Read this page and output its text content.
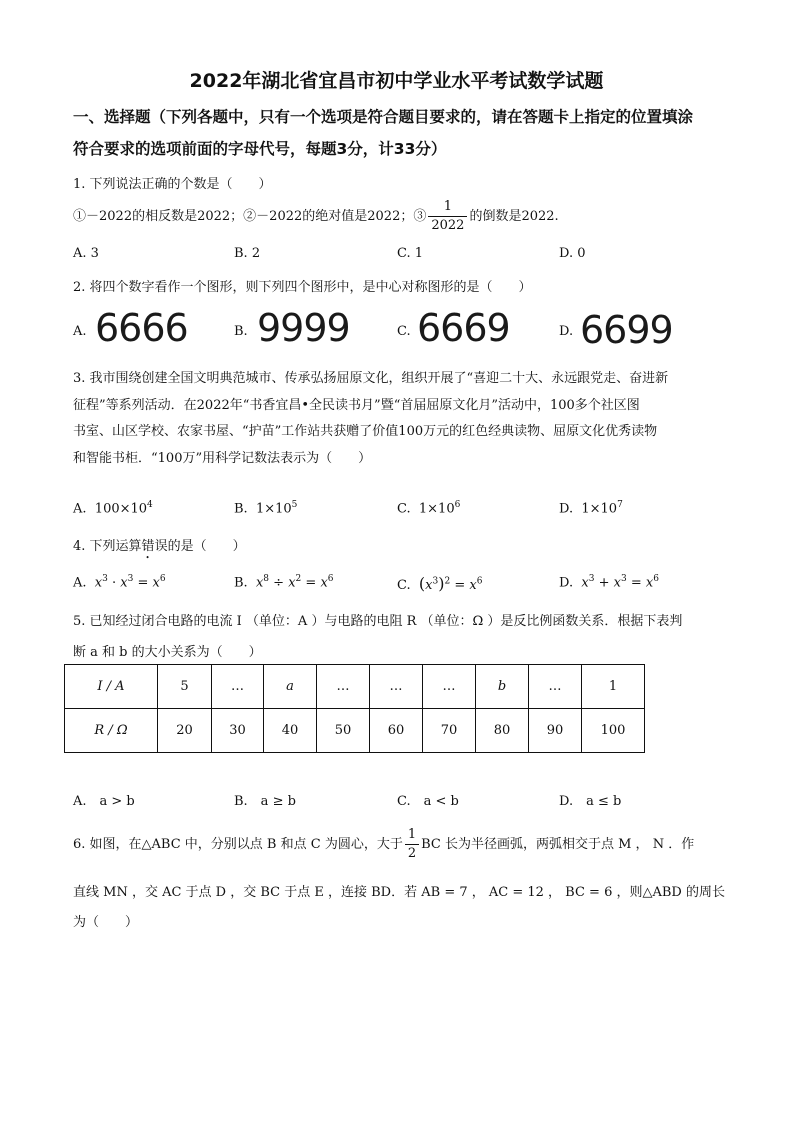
2022年湖北省宜昌市初中学业水平考试数学试题
一、选择题（下列各题中，只有一个选项是符合题目要求的，请在答题卡上指定的位置填涂
符合要求的选项前面的字母代号，每题3分，计33分）
1. 下列说法正确的个数是（　　）
①－2022的相反数是2022；②－2022的绝对值是2022；③ $\frac{1}{2022}$ 的倒数是2022.
A. 3	B. 2	C. 1	D. 0
2. 将四个数字看作一个图形，则下列四个图形中，是中心对称图形的是（　　）
A. 6666	B. 9999	C. 6669	D. 6699
3. 我市围绕创建全国文明典范城市、传承弘扬屈原文化，组织开展了“喜迎二十大、永远跟党走、奋进新
征程”等系列活动．在2022年“书香宜昌•全民读书月”暨“首届屈原文化月”活动中，100多个社区图
书室、山区学校、农家书屋、“护苗”工作站共获赠了价值100万元的红色经典读物、屈原文化优秀读物
和智能书柜．“100万”用科学记数法表示为（　　）
A. $100\times 10^4$	B. $1\times 10^5$	C. $1\times 10^6$	D. $1\times 10^7$
4. 下列运算错误的是（　　）
A. $x^3 \cdot x^3 = x^6$	B. $x^8 \div x^2 = x^6$	C. $(x^3)^2 = x^6$	D. $x^3 + x^3 = x^6$
5. 已知经过闭合电路的电流 I （单位：A ）与电路的电阻 R （单位：Ω ）是反比例函数关系．根据下表判
断 a 和 b 的大小关系为（　　）
I / A	5	…	a	…	…	…	b	…	1
R / Ω	20	30	40	50	60	70	80	90	100
A.　a > b	B.　a ≥ b	C.　a < b	D.　a ≤ b
6. 如图，在△ABC 中，分别以点 B 和点 C 为圆心，大于 $\frac{1}{2}$ BC 长为半径画弧，两弧相交于点 M ， N ．作
直线 MN ，交 AC 于点 D ，交 BC 于点 E ，连接 BD．若 AB = 7 ， AC = 12 ， BC = 6 ，则△ABD 的周长
为（　　）
